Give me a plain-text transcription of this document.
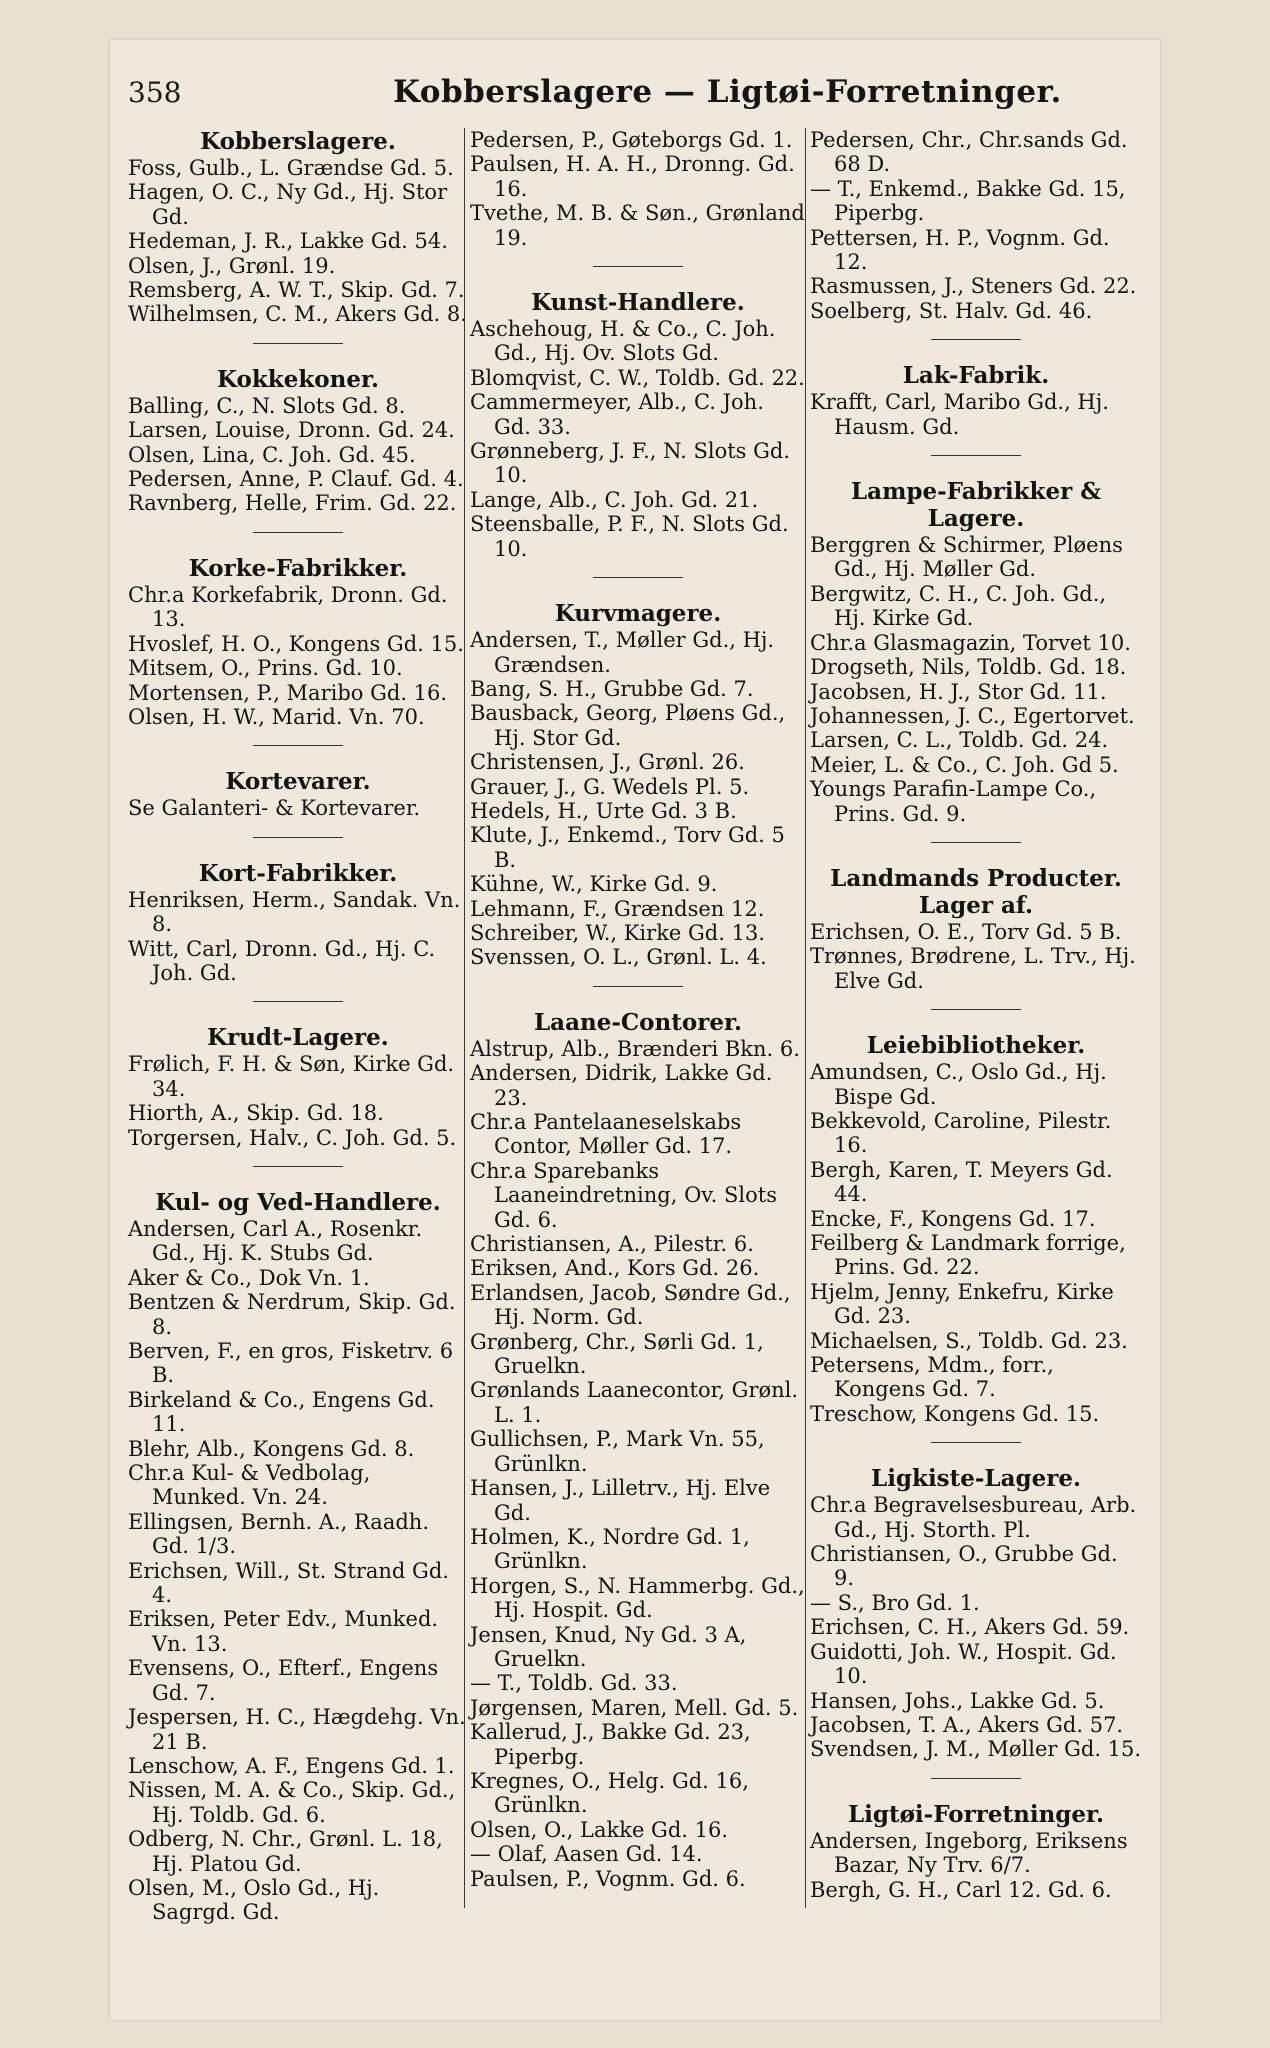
358	Kobberslagere — Ligtøi-Forretninger.
Kobberslagere.

Foss, Gulb., L. Grændse Gd. 5.

Hagen, O. C., Ny Gd., Hj. Stor Gd.

Hedeman, J. R., Lakke Gd. 54.

Olsen, J., Grønl. 19.

Remsberg, A. W. T., Skip. Gd. 7.

Wilhelmsen, C. M., Akers Gd. 8.

Kokkekoner.

Balling, C., N. Slots Gd. 8.

Larsen, Louise, Dronn. Gd. 24.

Olsen, Lina, C. Joh. Gd. 45.

Pedersen, Anne, P. Clauf. Gd. 4.

Ravnberg, Helle, Frim. Gd. 22.

Korke-Fabrikker.

Chr.a Korkefabrik, Dronn. Gd. 13.

Hvoslef, H. O., Kongens Gd. 15.

Mitsem, O., Prins. Gd. 10.

Mortensen, P., Maribo Gd. 16.

Olsen, H. W., Marid. Vn. 70.

Kortevarer.

Se Galanteri- & Kortevarer.

Kort-Fabrikker.

Henriksen, Herm., Sandak. Vn. 8.

Witt, Carl, Dronn. Gd., Hj. C. Joh. Gd.

Krudt-Lagere.

Frølich, F. H. & Søn, Kirke Gd. 34.

Hiorth, A., Skip. Gd. 18.

Torgersen, Halv., C. Joh. Gd. 5.

Kul- og Ved-Handlere.

Andersen, Carl A., Rosenkr. Gd., Hj. K. Stubs Gd.

Aker & Co., Dok Vn. 1.

Bentzen & Nerdrum, Skip. Gd. 8.

Berven, F., en gros, Fisketrv. 6 B.

Birkeland & Co., Engens Gd. 11.

Blehr, Alb., Kongens Gd. 8.

Chr.a Kul- & Vedbolag, Munked. Vn. 24.

Ellingsen, Bernh. A., Raadh. Gd. 1/3.

Erichsen, Will., St. Strand Gd. 4.

Eriksen, Peter Edv., Munked. Vn. 13.

Evensens, O., Efterf., Engens Gd. 7.

Jespersen, H. C., Hægdehg. Vn. 21 B.

Lenschow, A. F., Engens Gd. 1.

Nissen, M. A. & Co., Skip. Gd., Hj. Toldb. Gd. 6.

Odberg, N. Chr., Grønl. L. 18, Hj. Platou Gd.

Olsen, M., Oslo Gd., Hj. Sagrgd. Gd.

Pedersen, P., Gøteborgs Gd. 1.

Paulsen, H. A. H., Dronng. Gd. 16.

Tvethe, M. B. & Søn., Grønland 19.

Kunst-Handlere.

Aschehoug, H. & Co., C. Joh. Gd., Hj. Ov. Slots Gd.

Blomqvist, C. W., Toldb. Gd. 22.

Cammermeyer, Alb., C. Joh. Gd. 33.

Grønneberg, J. F., N. Slots Gd. 10.

Lange, Alb., C. Joh. Gd. 21.

Steensballe, P. F., N. Slots Gd. 10.

Kurvmagere.

Andersen, T., Møller Gd., Hj. Grændsen.

Bang, S. H., Grubbe Gd. 7.

Bausback, Georg, Pløens Gd., Hj. Stor Gd.

Christensen, J., Grønl. 26.

Grauer, J., G. Wedels Pl. 5.

Hedels, H., Urte Gd. 3 B.

Klute, J., Enkemd., Torv Gd. 5 B.

Kühne, W., Kirke Gd. 9.

Lehmann, F., Grændsen 12.

Schreiber, W., Kirke Gd. 13.

Svenssen, O. L., Grønl. L. 4.

Laane-Contorer.

Alstrup, Alb., Brænderi Bkn. 6.

Andersen, Didrik, Lakke Gd. 23.

Chr.a Pantelaaneselskabs Contor, Møller Gd. 17.

Chr.a Sparebanks Laaneindretning, Ov. Slots Gd. 6.

Christiansen, A., Pilestr. 6.

Eriksen, And., Kors Gd. 26.

Erlandsen, Jacob, Søndre Gd., Hj. Norm. Gd.

Grønberg, Chr., Sørli Gd. 1, Gruelkn.

Grønlands Laanecontor, Grønl. L. 1.

Gullichsen, P., Mark Vn. 55, Grünlkn.

Hansen, J., Lilletrv., Hj. Elve Gd.

Holmen, K., Nordre Gd. 1, Grünlkn.

Horgen, S., N. Hammerbg. Gd., Hj. Hospit. Gd.

Jensen, Knud, Ny Gd. 3 A, Gruelkn.

— T., Toldb. Gd. 33.

Jørgensen, Maren, Mell. Gd. 5.

Kallerud, J., Bakke Gd. 23, Piperbg.

Kregnes, O., Helg. Gd. 16, Grünlkn.

Olsen, O., Lakke Gd. 16.

— Olaf, Aasen Gd. 14.

Paulsen, P., Vognm. Gd. 6.

Pedersen, Chr., Chr.sands Gd. 68 D.

— T., Enkemd., Bakke Gd. 15, Piperbg.

Pettersen, H. P., Vognm. Gd. 12.

Rasmussen, J., Steners Gd. 22.

Soelberg, St. Halv. Gd. 46.

Lak-Fabrik.

Krafft, Carl, Maribo Gd., Hj. Hausm. Gd.

Lampe-Fabrikker & Lagere.

Berggren & Schirmer, Pløens Gd., Hj. Møller Gd.

Bergwitz, C. H., C. Joh. Gd., Hj. Kirke Gd.

Chr.a Glasmagazin, Torvet 10.

Drogseth, Nils, Toldb. Gd. 18.

Jacobsen, H. J., Stor Gd. 11.

Johannessen, J. C., Egertorvet.

Larsen, C. L., Toldb. Gd. 24.

Meier, L. & Co., C. Joh. Gd 5.

Youngs Parafin-Lampe Co., Prins. Gd. 9.

Landmands Producter. Lager af.

Erichsen, O. E., Torv Gd. 5 B.

Trønnes, Brødrene, L. Trv., Hj. Elve Gd.

Leiebibliotheker.

Amundsen, C., Oslo Gd., Hj. Bispe Gd.

Bekkevold, Caroline, Pilestr. 16.

Bergh, Karen, T. Meyers Gd. 44.

Encke, F., Kongens Gd. 17.

Feilberg & Landmark forrige, Prins. Gd. 22.

Hjelm, Jenny, Enkefru, Kirke Gd. 23.

Michaelsen, S., Toldb. Gd. 23.

Petersens, Mdm., forr., Kongens Gd. 7.

Treschow, Kongens Gd. 15.

Ligkiste-Lagere.

Chr.a Begravelsesbureau, Arb. Gd., Hj. Storth. Pl.

Christiansen, O., Grubbe Gd. 9.

— S., Bro Gd. 1.

Erichsen, C. H., Akers Gd. 59.

Guidotti, Joh. W., Hospit. Gd. 10.

Hansen, Johs., Lakke Gd. 5.

Jacobsen, T. A., Akers Gd. 57.

Svendsen, J. M., Møller Gd. 15.

Ligtøi-Forretninger.

Andersen, Ingeborg, Eriksens Bazar, Ny Trv. 6/7.

Bergh, G. H., Carl 12. Gd. 6.
